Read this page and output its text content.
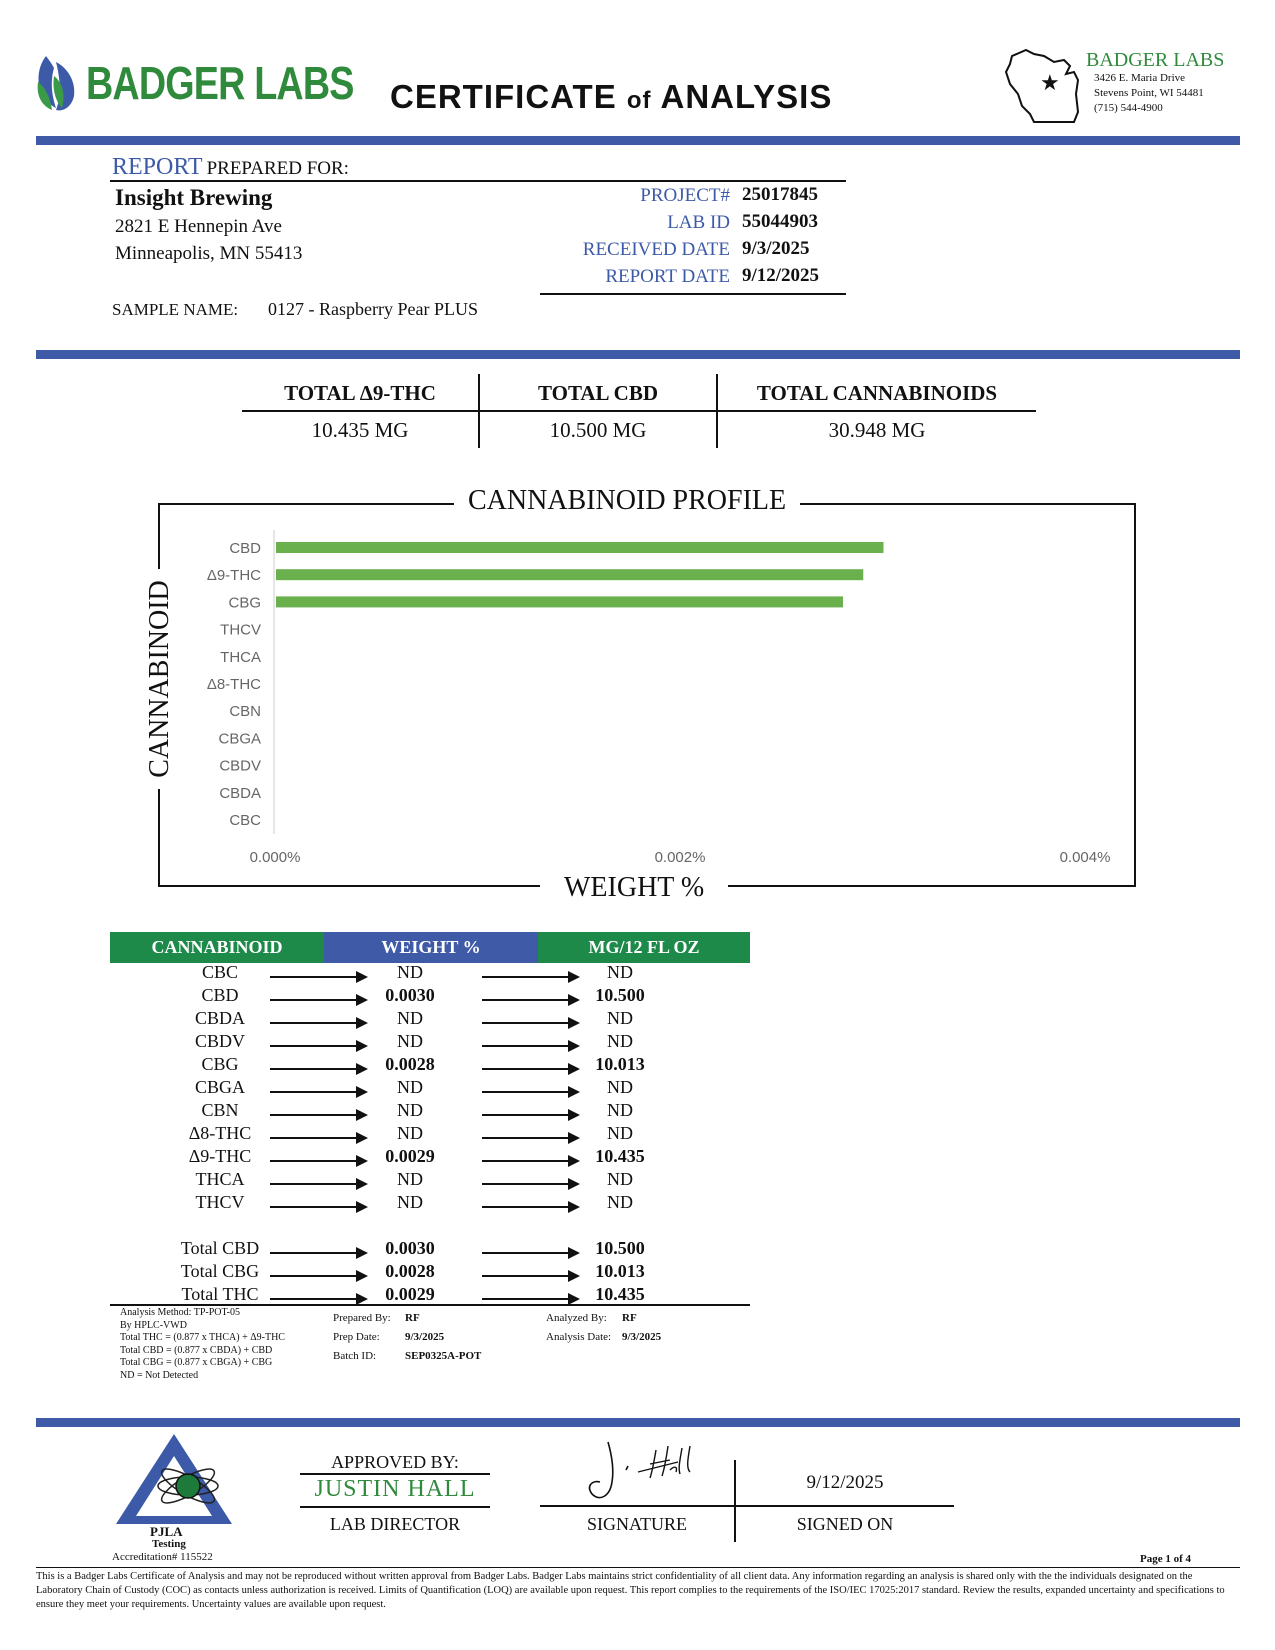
BADGER LABS CERTIFICATE of ANALYSIS	★
BADGER LABS
3426 E. Maria Drive
Stevens Point, WI 54481
(715) 544-4900
REPORT PREPARED FOR:
Insight Brewing
2821 E Hennepin Ave
Minneapolis, MN 55413
PROJECT# 25017845
LAB ID 55044903
RECEIVED DATE 9/3/2025
REPORT DATE 9/12/2025
SAMPLE NAME: 0127 - Raspberry Pear PLUS
TOTAL Δ9-THC	TOTAL CBD	TOTAL CANNABINOIDS
10.435 MG	10.500 MG	30.948 MG
CANNABINOID PROFILE
WEIGHT %
CANNABINOID
CBD
Δ9-THC
CBG
THCV
THCA
Δ8-THC
CBN
CBGA
CBDV
CBDA
CBC
0.000%	0.002%	0.004%
CANNABINOID	WEIGHT %	MG/12 FL OZ
CBC	ND	ND
CBD	0.0030	10.500
CBDA	ND	ND
CBDV	ND	ND
CBG	0.0028	10.013
CBGA	ND	ND
CBN	ND	ND
Δ8-THC	ND	ND
Δ9-THC	0.0029	10.435
THCA	ND	ND
THCV	ND	ND
Total CBD	0.0030	10.500
Total CBG	0.0028	10.013
Total THC	0.0029	10.435
Analysis Method: TP-POT-05
By HPLC-VWD
Total THC = (0.877 x THCA) + Δ9-THC
Total CBD = (0.877 x CBDA) + CBD
Total CBG = (0.877 x CBGA) + CBG
ND = Not Detected
Prepared By: RF
Prep Date: 9/3/2025
Batch ID:	SEP0325A-POT
Analyzed By: RF
Analysis Date: 9/3/2025
PJLA
Testing
Accreditation# 115522
APPROVED BY:
JUSTIN HALL
LAB DIRECTOR	SIGNATURE
9/12/2025
SIGNED ON
Page 1 of 4
This is a Badger Labs Certificate of Analysis and may not be reproduced without written approval from Badger Labs. Badger Labs maintains strict confidentiality of all client data. Any information regarding an analysis is shared only with the the individuals designated on the Laboratory Chain of Custody (COC) as contacts unless authorization is received. Limits of Quantification (LOQ) are available upon request. This report complies to the requirements of the ISO/IEC 17025:2017 standard. Review the results, expanded uncertainty and specifications to ensure they meet your requirements. Uncertainty values are available upon request.
